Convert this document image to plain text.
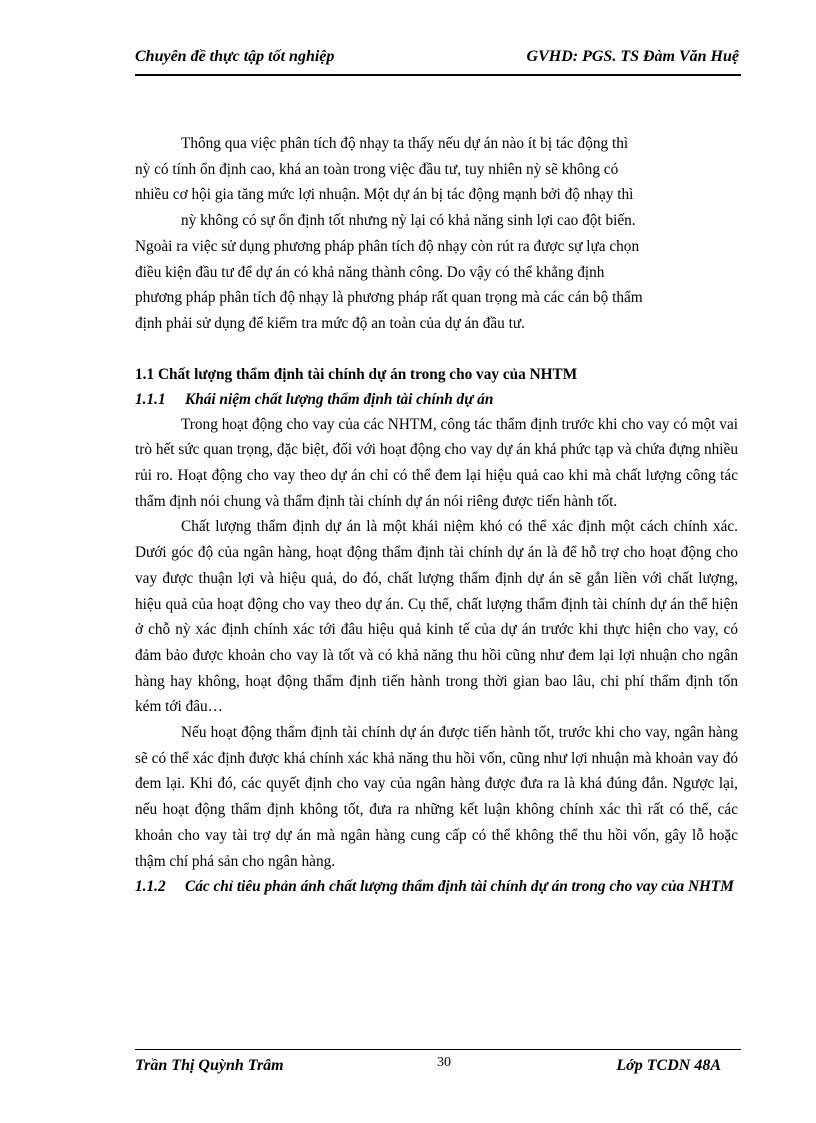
Chuyên đề thực tập tốt nghiệp	GVHD: PGS. TS Đàm Văn Huệ

Thông qua việc phân tích độ nhạy ta thấy nếu dự án nào ít bị tác động thì

nỳ có tính ổn định cao, khá an toàn trong việc đầu tư, tuy nhiên nỳ sẽ không có

nhiều cơ hội gia tăng mức lợi nhuận. Một dự án bị tác động mạnh bởi độ nhạy thì

nỳ không có sự ổn định tốt nhưng nỳ lại có khả năng sinh lợi cao đột biến.

Ngoài ra việc sử dụng phương pháp phân tích độ nhạy còn rút ra được sự lựa chọn

điều kiện đầu tư để dự án có khả năng thành công. Do vậy có thể khẳng định

phương pháp phân tích độ nhạy là phương pháp rất quan trọng mà các cán bộ thẩm

định phải sử dụng để kiểm tra mức độ an toàn của dự án đầu tư.

1.1 Chất lượng thẩm định tài chính dự án trong cho vay của NHTM
1.1.1	Khái niệm chất lượng thẩm định tài chính dự án

Trong hoạt động cho vay của các NHTM, công tác thẩm định trước khi cho vay có một vai trò hết sức quan trọng, đặc biệt, đối với hoạt động cho vay dự án khá phức tạp và chứa đựng nhiều rủi ro. Hoạt động cho vay theo dự án chỉ có thể đem lại hiệu quả cao khi mà chất lượng công tác thẩm định nói chung và thẩm định tài chính dự án nói riêng được tiến hành tốt.

Chất lượng thẩm định dự án là một khái niệm khó có thể xác định một cách chính xác. Dưới góc độ của ngân hàng, hoạt động thẩm định tài chính dự án là để hỗ trợ cho hoạt động cho vay được thuận lợi và hiệu quả, do đó, chất lượng thẩm định dự án sẽ gắn liền với chất lượng, hiệu quả của hoạt động cho vay theo dự án. Cụ thể, chất lượng thẩm định tài chính dự án thể hiện ở chỗ nỳ xác định chính xác tới đâu hiệu quả kinh tế của dự án trước khi thực hiện cho vay, có đảm bảo được khoản cho vay là tốt và có khả năng thu hồi cũng như đem lại lợi nhuận cho ngân hàng hay không, hoạt động thẩm định tiến hành trong thời gian bao lâu, chi phí thẩm định tốn kém tới đâu…

Nếu hoạt động thẩm định tài chính dự án được tiến hành tốt, trước khi cho vay, ngân hàng sẽ có thể xác định được khá chính xác khả năng thu hồi vốn, cũng như lợi nhuận mà khoản vay đó đem lại. Khi đó, các quyết định cho vay của ngân hàng được đưa ra là khá đúng đắn. Ngược lại, nếu hoạt động thẩm định không tốt, đưa ra những kết luận không chính xác thì rất có thể, các khoản cho vay tài trợ dự án mà ngân hàng cung cấp có thể không thể thu hồi vốn, gây lỗ hoặc thậm chí phá sản cho ngân hàng.

1.1.2	Các chỉ tiêu phản ánh chất lượng thẩm định tài chính dự án trong cho vay của NHTM
Trần Thị Quỳnh Trâm	30	Lớp TCDN 48A
